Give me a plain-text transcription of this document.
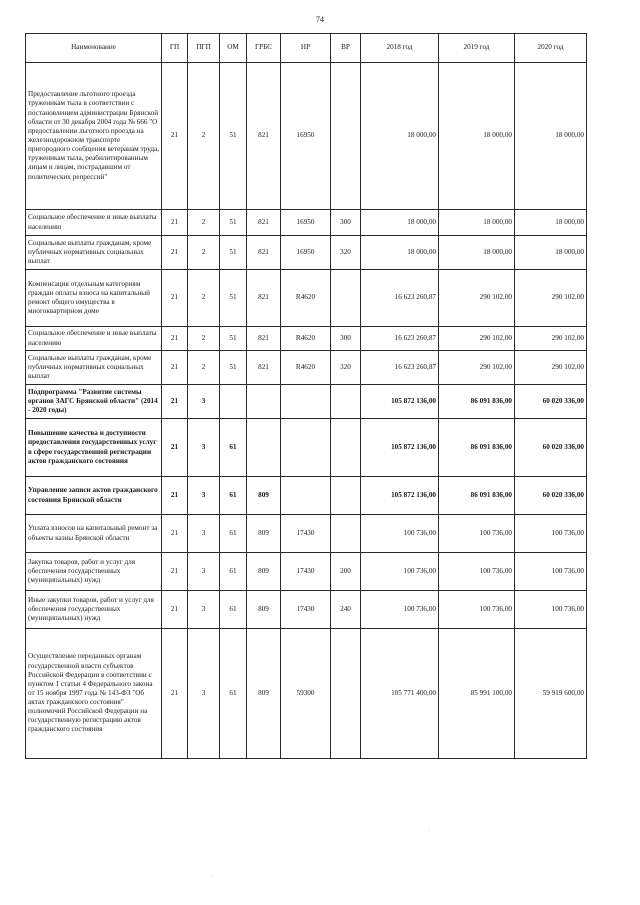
74
Наименование	ГП	ПГП	ОМ	ГРБС	НР	ВР	2018 год	2019 год	2020 год
Предоставление льготного проезда труженикам тыла в соответствии с постановлением администрации Брянской области от 30 декабря 2004 года № 666 "О предоставлении льготного проезда на железнодорожном транспорте пригородного сообщения ветеранам труда, труженикам тыла, реабилитированным лицам и лицам, пострадавшим от политических репрессий"	21	2	51	821	16950		18 000,00	18 000,00	18 000,00
Социальное обеспечение и иные выплаты населению	21	2	51	821	16950	300	18 000,00	18 000,00	18 000,00
Социальные выплаты гражданам, кроме публичных нормативных социальных выплат	21	2	51	821	16950	320	18 000,00	18 000,00	18 000,00
Компенсация отдельным категориям граждан оплаты взноса на капитальный ремонт общего имущества в многоквартирном доме	21	2	51	821	R4620		16 623 260,87	290 102,00	290 102,00
Социальное обеспечение и иные выплаты населению	21	2	51	821	R4620	300	16 623 260,87	290 102,00	290 102,00
Социальные выплаты гражданам, кроме публичных нормативных социальных выплат	21	2	51	821	R4620	320	16 623 260,87	290 102,00	290 102,00
Подпрограмма "Развитие системы органов ЗАГС Брянской области" (2014 - 2020 годы)	21	3					105 872 136,00	86 091 836,00	60 020 336,00
Повышение качества и доступности предоставления государственных услуг в сфере государственной регистрации актов гражданского состояния	21	3	61				105 872 136,00	86 091 836,00	60 020 336,00
Управление записи актов гражданского состояния Брянской области	21	3	61	809			105 872 136,00	86 091 836,00	60 020 336,00
Уплата взносов на капитальный ремонт за объекты казны Брянской области	21	3	61	809	17430		100 736,00	100 736,00	100 736,00
Закупка товаров, работ и услуг для обеспечения государственных (муниципальных) нужд	21	3	61	809	17430	200	100 736,00	100 736,00	100 736,00
Иные закупки товаров, работ и услуг для обеспечения государственных (муниципальных) нужд	21	3	61	809	17430	240	100 736,00	100 736,00	100 736,00
Осуществление переданных органам государственной власти субъектов Российской Федерации в соответствии с пунктом 1 статьи 4 Федерального закона от 15 ноября 1997 года № 143-ФЗ "Об актах гражданского состояния" полномочий Российской Федерации на государственную регистрацию актов гражданского состояния	21	3	61	809	59300		105 771 400,00	85 991 100,00	59 919 600,00
·
·
